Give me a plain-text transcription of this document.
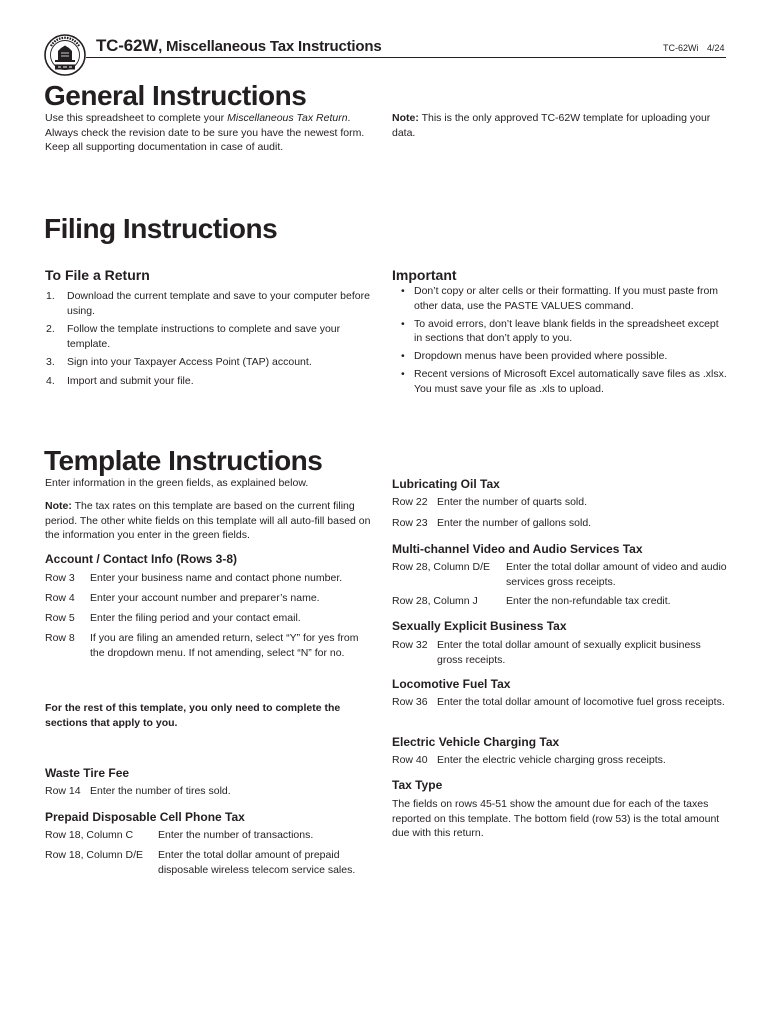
TC-62W, Miscellaneous Tax Instructions	TC-62Wi 4/24
General Instructions
Use this spreadsheet to complete your Miscellaneous Tax Return. Always check the revision date to be sure you have the newest form. Keep all supporting documentation in case of audit.
Note: This is the only approved TC-62W template for uploading your data.
Filing Instructions
To File a Return
1. Download the current template and save to your computer before using.
2. Follow the template instructions to complete and save your template.
3. Sign into your Taxpayer Access Point (TAP) account.
4. Import and submit your file.
Important
• Don’t copy or alter cells or their formatting. If you must paste from other data, use the PASTE VALUES command.
• To avoid errors, don’t leave blank fields in the spreadsheet except in sections that don’t apply to you.
• Dropdown menus have been provided where possible.
• Recent versions of Microsoft Excel automatically save files as .xlsx. You must save your file as .xls to upload.
Template Instructions
Enter information in the green fields, as explained below.
Note: The tax rates on this template are based on the current filing period. The other white fields on this template will all auto-fill based on the information you enter in the green fields.
Account / Contact Info (Rows 3-8)
Row 3 Enter your business name and contact phone number.
Row 4 Enter your account number and preparer’s name.
Row 5 Enter the filing period and your contact email.
Row 8 If you are filing an amended return, select “Y” for yes from the dropdown menu. If not amending, select “N” for no.
For the rest of this template, you only need to complete the sections that apply to you.
Waste Tire Fee
Row 14 Enter the number of tires sold.
Prepaid Disposable Cell Phone Tax
Row 18, Column C Enter the number of transactions.
Row 18, Column D/E Enter the total dollar amount of prepaid disposable wireless telecom service sales.
Lubricating Oil Tax
Row 22 Enter the number of quarts sold.
Row 23 Enter the number of gallons sold.
Multi-channel Video and Audio Services Tax
Row 28, Column D/E Enter the total dollar amount of video and audio services gross receipts.
Row 28, Column J	Enter the non-refundable tax credit.
Sexually Explicit Business Tax
Row 32 Enter the total dollar amount of sexually explicit business gross receipts.
Locomotive Fuel Tax
Row 36 Enter the total dollar amount of locomotive fuel gross receipts.
Electric Vehicle Charging Tax
Row 40 Enter the electric vehicle charging gross receipts.
Tax Type
The fields on rows 45-51 show the amount due for each of the taxes reported on this template. The bottom field (row 53) is the total amount due with this return.
